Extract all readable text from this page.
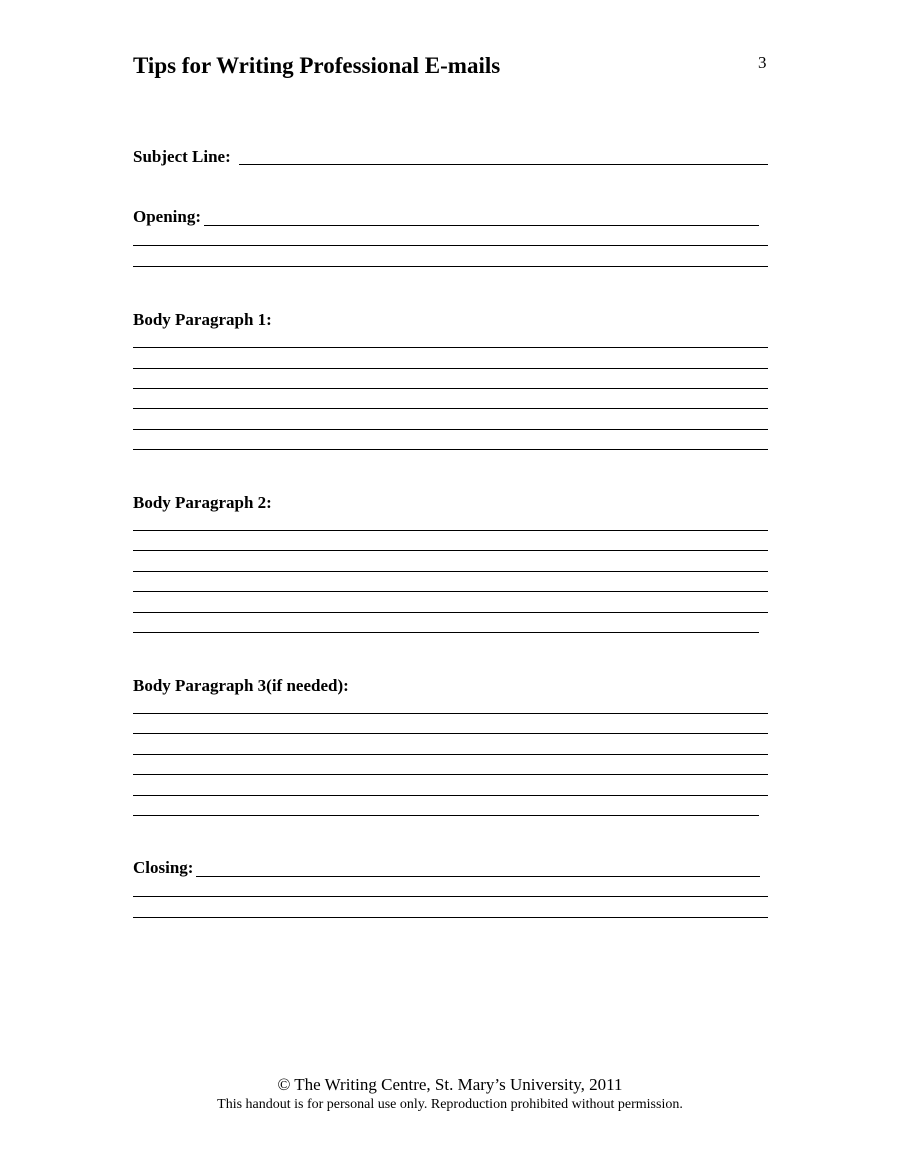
Tips for Writing Professional E-mails	3
Subject Line:
Opening:
Body Paragraph 1:
Body Paragraph 2:
Body Paragraph 3(if needed):
Closing:
© The Writing Centre, St. Mary’s University, 2011
This handout is for personal use only. Reproduction prohibited without permission.
